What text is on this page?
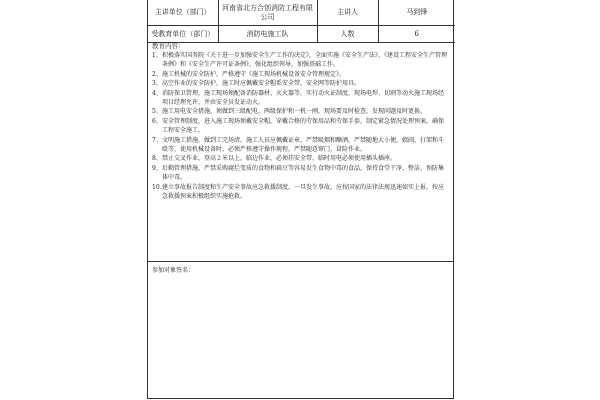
主讲单位（部门）	河南省北方合创消防工程有限公司	主讲人	马到锋
受教育单位（部门）	消防电施工队	人数	6
教育内容：
1、 积极落实国务院《关于进一步加强安全生产工作的决定》，全面实施《安全生产法》、《建设工程安全生产管理条例》和《安全生产许可证条例》，强化组织领导，加强基础工作。
2、 施工机械的安全防护，严格遵守《施工现场机械设备安全管理规定》。
3、 高空作业的安全防护，施工时应佩戴安全帽系安全带，安全网等防护用具。
4、 消防保卫管理，施工现场须配备消防器材、灭火器等，实行动火证制度，现场电焊、切割等动火施工现场经项目经理允许，并由安全员发证动火。
5、 施工用电安全措施，须做到三级配电，两级保护和一机一闸，现场要及时检查，发现问题及时更换。
6、 安全管理制度，进入施工现场须戴安全帽，穿戴合格的劳保用品和劳保手套，制定紧急情况处理预案，确保工程安全施工。
7、 文明施工措施，做到工完场清，施工人员应佩戴证章，严禁吸烟和酗酒，严禁随地大小便，嬉闹，打架和斗殴等，使用机械设备时，必须严格遵守操作规程，严禁随意窜门、冒险作业。
8、 禁止交叉作业，登高２米以上，临边作业，必须挂安全带，临时用电必须使用插头插座。
9、 后勤管理措施，严禁采购腐烂变质的食物和扁豆等容易发生食物中毒的食品，保持食堂干净、整洁，预防集体中毒。
10、
建立事故报告制度和生产安全事故应急救援制度，一旦发生事故，应按国家的法律法规迅速如实上报，按应急救援预案积极组织实施抢救。
参加对象签名：
